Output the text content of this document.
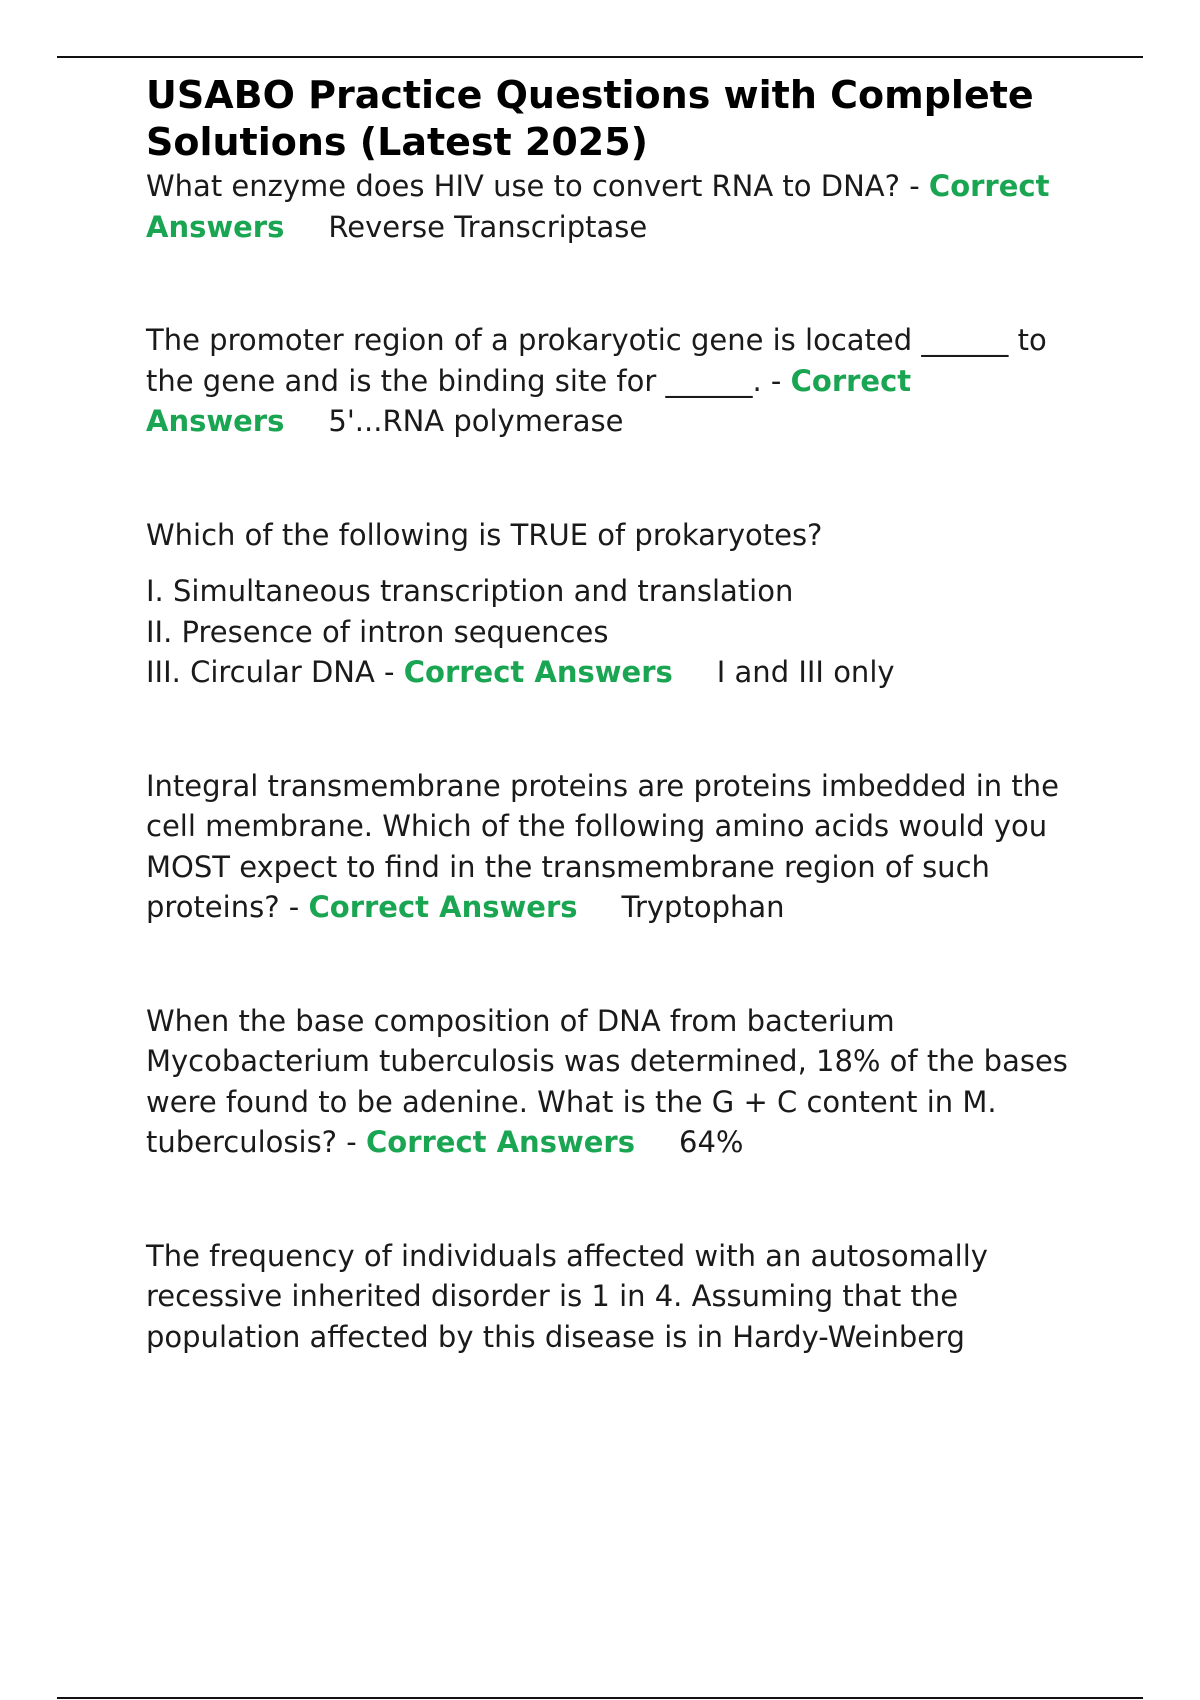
USABO Practice Questions with Complete Solutions (Latest 2025)

What enzyme does HIV use to convert RNA to DNA? - Correct Answers Reverse Transcriptase

The promoter region of a prokaryotic gene is located ______ to the gene and is the binding site for ______. - Correct Answers 5'...RNA polymerase

Which of the following is TRUE of prokaryotes?

I. Simultaneous transcription and translation

II. Presence of intron sequences

III. Circular DNA - Correct Answers I and III only

Integral transmembrane proteins are proteins imbedded in the cell membrane. Which of the following amino acids would you MOST expect to find in the transmembrane region of such proteins? - Correct Answers Tryptophan

When the base composition of DNA from bacterium Mycobacterium tuberculosis was determined, 18% of the bases were found to be adenine. What is the G + C content in M. tuberculosis? - Correct Answers 64%

The frequency of individuals affected with an autosomally recessive inherited disorder is 1 in 4. Assuming that the population affected by this disease is in Hardy-Weinberg
